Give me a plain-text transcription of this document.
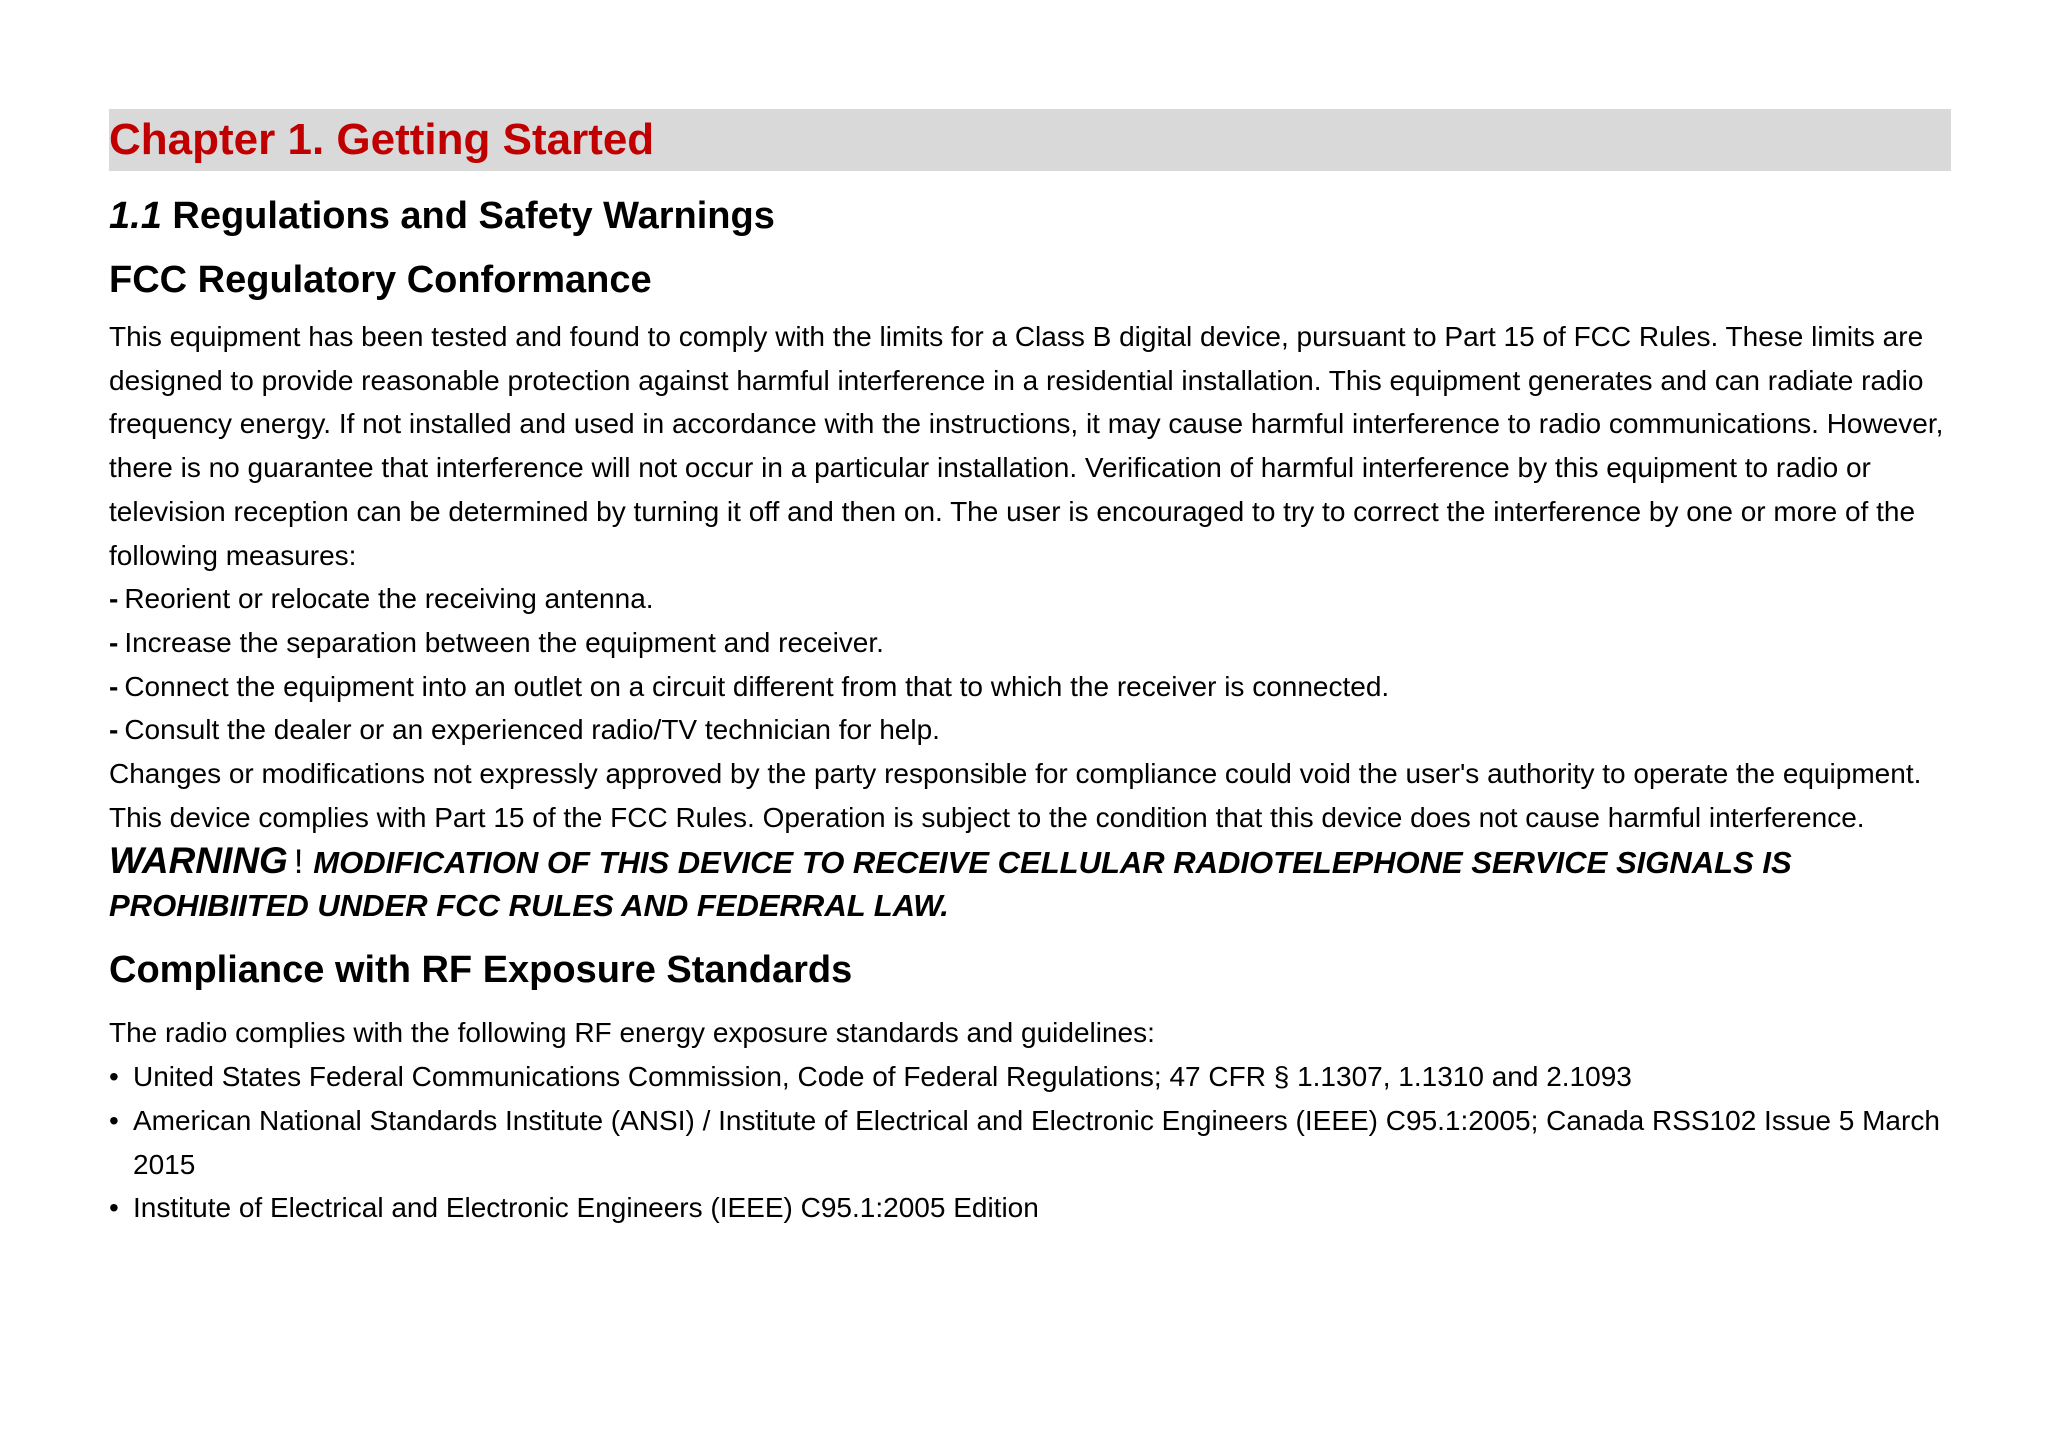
Chapter 1. Getting Started
1.1 Regulations and Safety Warnings
FCC Regulatory Conformance

This equipment has been tested and found to comply with the limits for a Class B digital device, pursuant to Part 15 of FCC Rules. These limits are designed to provide reasonable protection against harmful interference in a residential installation. This equipment generates and can radiate radio frequency energy. If not installed and used in accordance with the instructions, it may cause harmful interference to radio communications. However, there is no guarantee that interference will not occur in a particular installation. Verification of harmful interference by this equipment to radio or television reception can be determined by turning it off and then on. The user is encouraged to try to correct the interference by one or more of the following measures:

- Reorient or relocate the receiving antenna.

- Increase the separation between the equipment and receiver.

- Connect the equipment into an outlet on a circuit different from that to which the receiver is connected.

- Consult the dealer or an experienced radio/TV technician for help.

Changes or modifications not expressly approved by the party responsible for compliance could void the user's authority to operate the equipment.

This device complies with Part 15 of the FCC Rules. Operation is subject to the condition that this device does not cause harmful interference.

WARNING ! MODIFICATION OF THIS DEVICE TO RECEIVE CELLULAR RADIOTELEPHONE SERVICE SIGNALS IS PROHIBIITED UNDER FCC RULES AND FEDERRAL LAW.

Compliance with RF Exposure Standards

The radio complies with the following RF energy exposure standards and guidelines:

• United States Federal Communications Commission, Code of Federal Regulations; 47 CFR § 1.1307, 1.1310 and 2.1093

• American National Standards Institute (ANSI) / Institute of Electrical and Electronic Engineers (IEEE) C95.1:2005; Canada RSS102 Issue 5 March 2015

• Institute of Electrical and Electronic Engineers (IEEE) C95.1:2005 Edition
